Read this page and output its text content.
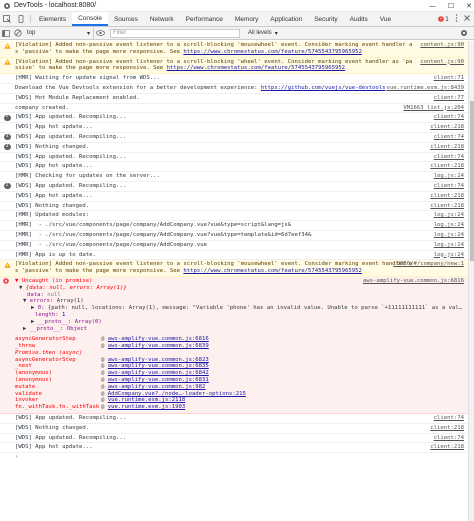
DevTools - localhost:8080/	— ☐ ✕
Elements	Console	Sources	Network	Performance	Memory	Application	Security	Audits	Vue	1
top	▾	Filter	All levels ▾
[Violation] Added non-passive event listener to a scroll-blocking 'mousewheel' event. Consider marking event handler as 'passive' to make the page more responsive. See https://www.chromestatus.com/feature/5745543795965952
content.js:90
[Violation] Added non-passive event listener to a scroll-blocking 'wheel' event. Consider marking event handler as 'passive' to make the page more responsive. See https://www.chromestatus.com/feature/5745543795965952
content.js:90
[HMR] Waiting for update signal from WDS...	client:71
Download the Vue Devtools extension for a better development experience: https://github.com/vuejs/vue-devtools vue.runtime.esm.js:8439
[WDS] Hot Module Replacement enabled.	client:77
company created.	VM1663 list.js:204
2	[WDS] App updated. Recompiling...	client:74
[WDS] App hot update...	client:218
3	[WDS] App updated. Recompiling...	client:74
3	[WDS] Nothing changed.	client:218
[WDS] App updated. Recompiling...	client:74
[WDS] App hot update...	client:218
[HMR] Checking for updates on the server...	log.js:24
2	[WDS] App updated. Recompiling...	client:74
[WDS] App hot update...	client:218
[WDS] Nothing changed.	client:218
[HMR] Updated modules:	log.js:24
[HMR]  - ./src/vue/components/page/company/AddCompany.vue?vue&type=script&lang=js&	log.js:24
[HMR]  - ./src/vue/components/page/company/AddCompany.vue?vue&type=template&id=6d7eef34&	log.js:24
[HMR]  - ./src/vue/components/page/company/AddCompany.vue	log.js:24
[HMR] App is up to date.	log.js:24
[Violation] Added non-passive event listener to a scroll-blocking 'mousewheel' event. Consider marking event handler as 'passive' to make the page more responsive. See https://www.chromestatus.com/feature/5745543795965952
:8080/#/company/new:1
▼ Uncaught (in promise)	aws-amplify-vue.common.js:6816
▼ {data: null, errors: Array(1)}
data: null
▼ errors: Array(1)
▶ 0: {path: null, locations: Array(1), message: "Variable 'phone' has an invalid value. Unable to parse `+11111111111` as a val…
length: 1
▶ __proto__: Array(0)
▶ __proto__: Object
asyncGeneratorStep	@ aws-amplify-vue.common.js:6816
_throw	@ aws-amplify-vue.common.js:6839
Promise.then (async)
asyncGeneratorStep	@ aws-amplify-vue.common.js:6823
_next	@ aws-amplify-vue.common.js:6835
(anonymous)	@ aws-amplify-vue.common.js:6842
(anonymous)	@ aws-amplify-vue.common.js:6831
mutate	@ aws-amplify-vue.common.js:982
validate	@ AddCompany.vue?./node…-loader-options:215
invoker	@ vue.runtime.esm.js:2118
fn._withTask.fn._withTask @ vue.runtime.esm.js:1903
[WDS] App updated. Recompiling...	client:74
[WDS] Nothing changed.	client:218
[WDS] App updated. Recompiling...	client:74
[WDS] App hot update...	client:218
›
